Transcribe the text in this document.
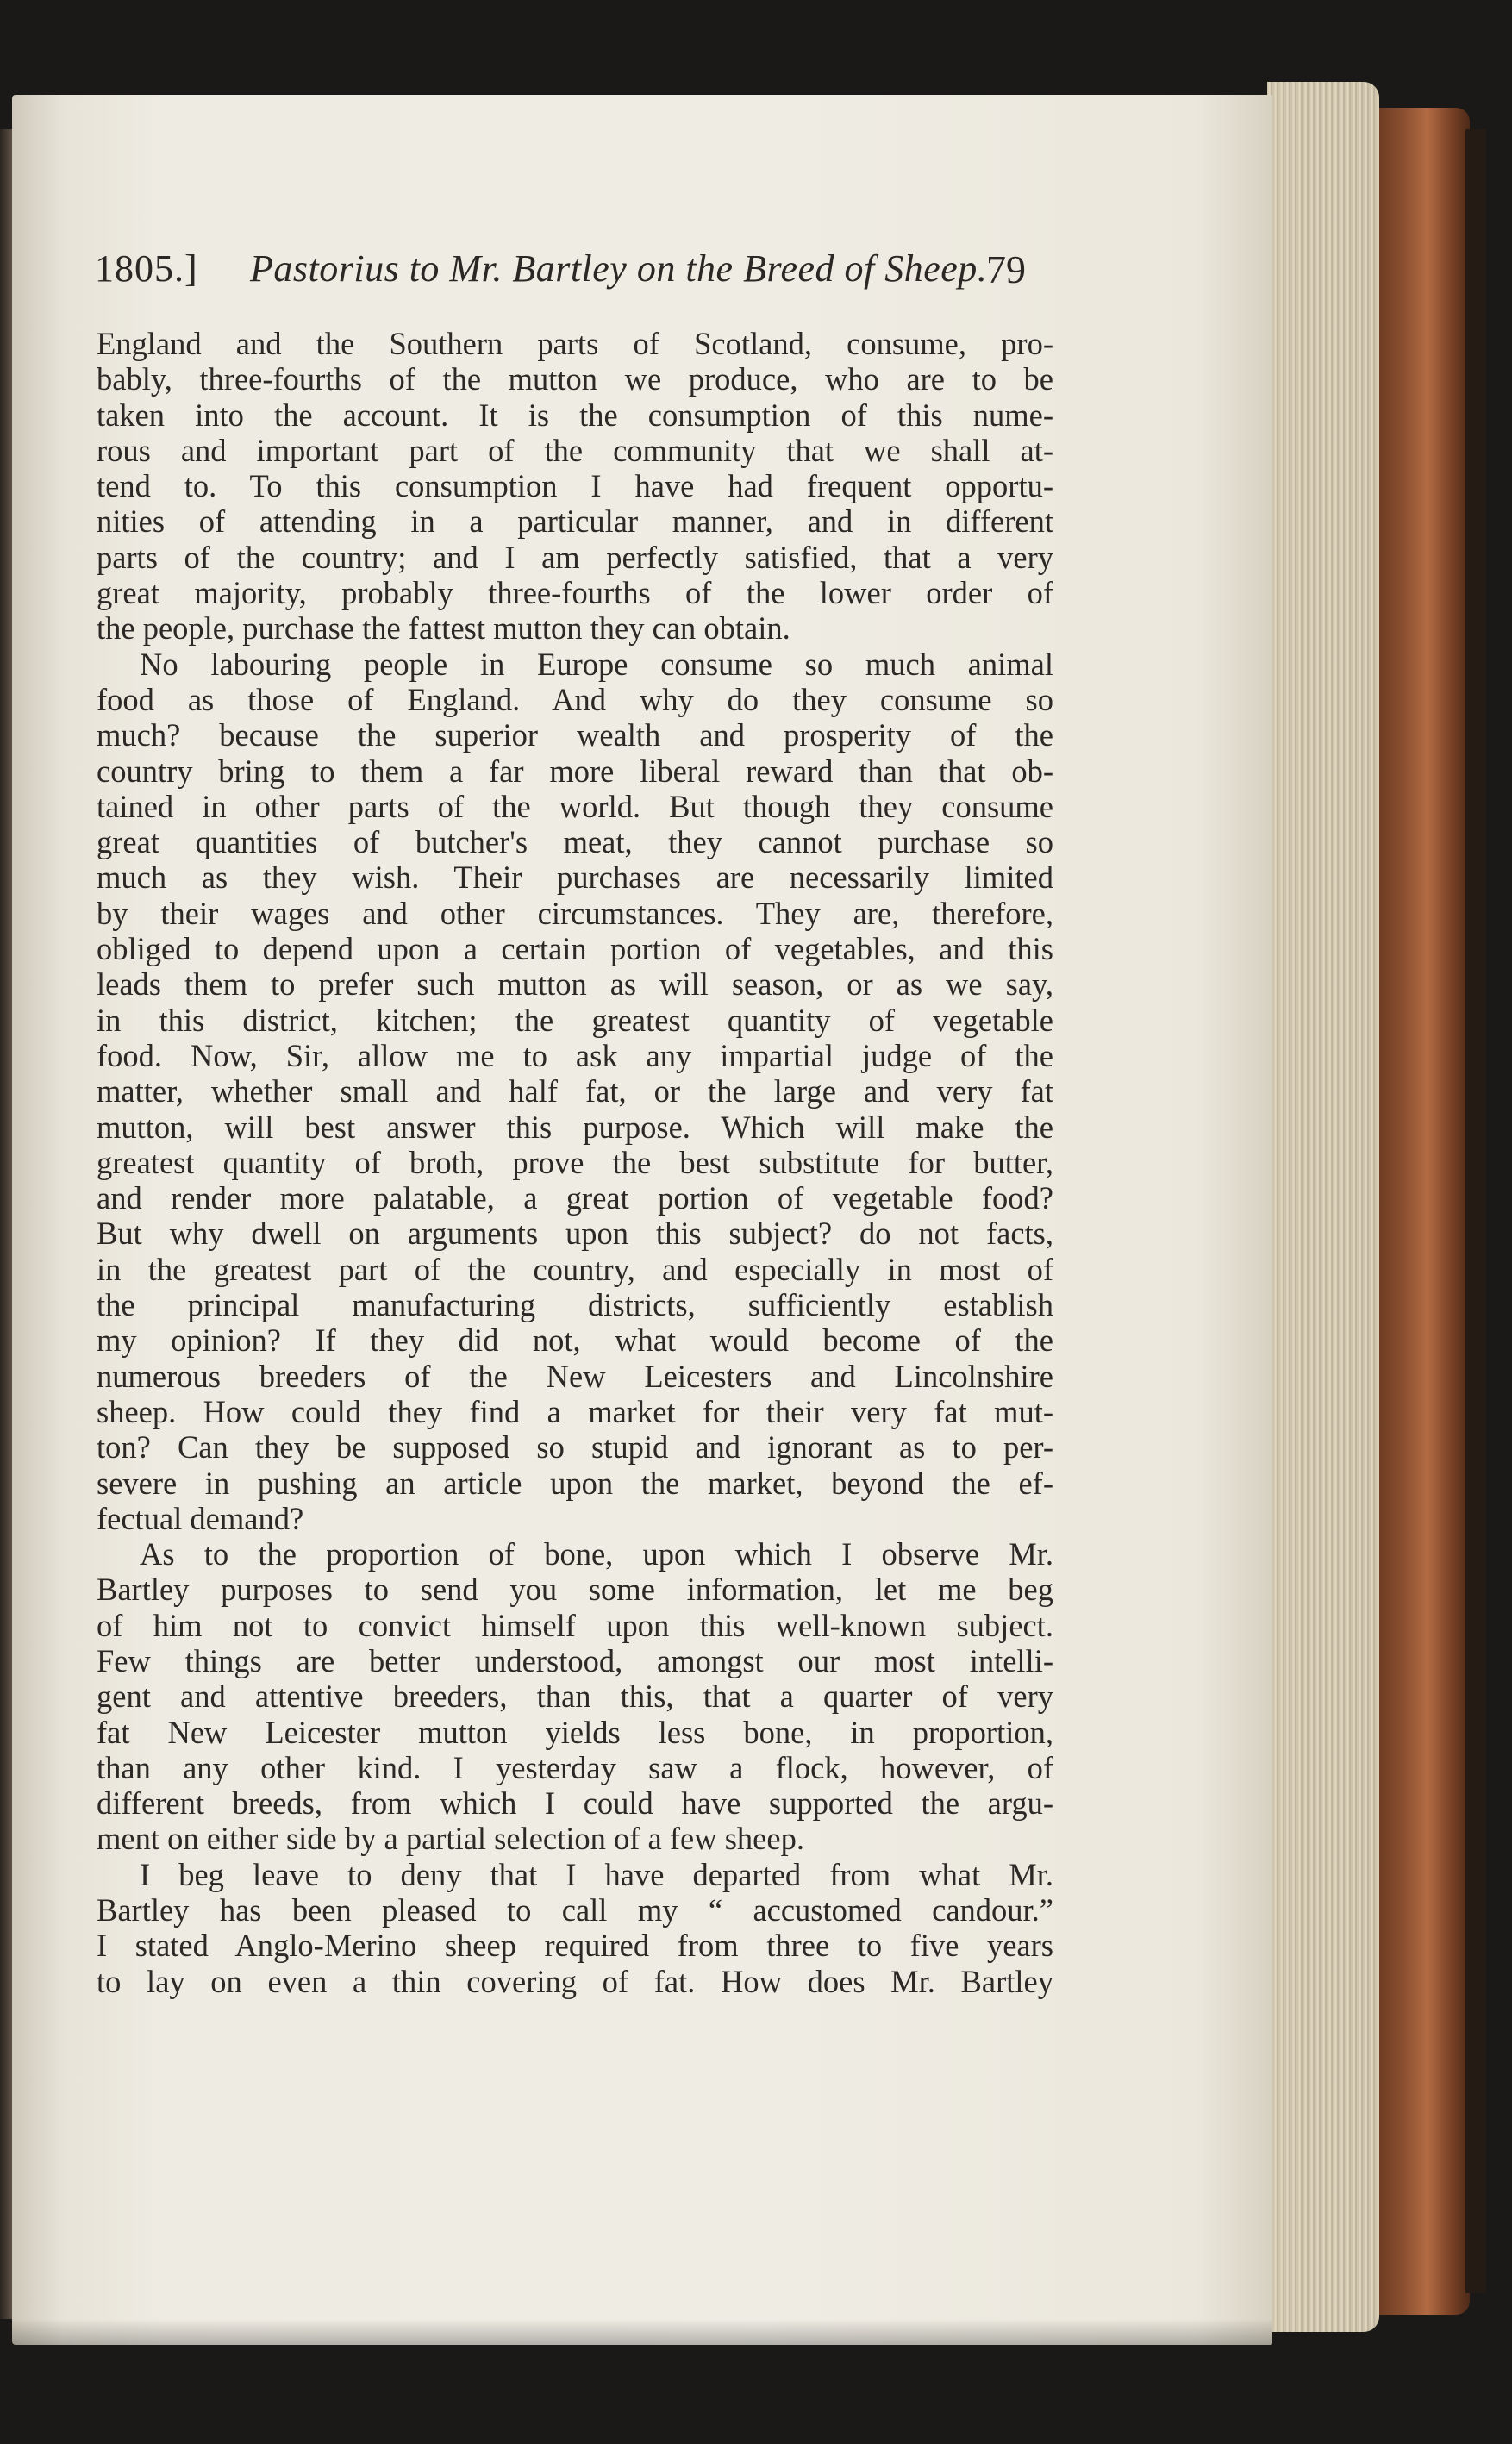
1805.] Pastorius to Mr. Bartley on the Breed of Sheep.
79
England and the Southern parts of Scotland, consume, pro-
bably, three-fourths of the mutton we produce, who are to be
taken into the account. It is the consumption of this nume-
rous and important part of the community that we shall at-
tend to. To this consumption I have had frequent opportu-
nities of attending in a particular manner, and in different
parts of the country; and I am perfectly satisfied, that a very
great majority, probably three-fourths of the lower order of
the people, purchase the fattest mutton they can obtain.
No labouring people in Europe consume so much animal
food as those of England. And why do they consume so
much? because the superior wealth and prosperity of the
country bring to them a far more liberal reward than that ob-
tained in other parts of the world. But though they consume
great quantities of butcher's meat, they cannot purchase so
much as they wish. Their purchases are necessarily limited
by their wages and other circumstances. They are, therefore,
obliged to depend upon a certain portion of vegetables, and this
leads them to prefer such mutton as will season, or as we say,
in this district, kitchen; the greatest quantity of vegetable
food. Now, Sir, allow me to ask any impartial judge of the
matter, whether small and half fat, or the large and very fat
mutton, will best answer this purpose. Which will make the
greatest quantity of broth, prove the best substitute for butter,
and render more palatable, a great portion of vegetable food?
But why dwell on arguments upon this subject? do not facts,
in the greatest part of the country, and especially in most of
the principal manufacturing districts, sufficiently establish
my opinion? If they did not, what would become of the
numerous breeders of the New Leicesters and Lincolnshire
sheep. How could they find a market for their very fat mut-
ton? Can they be supposed so stupid and ignorant as to per-
severe in pushing an article upon the market, beyond the ef-
fectual demand?
As to the proportion of bone, upon which I observe Mr.
Bartley purposes to send you some information, let me beg
of him not to convict himself upon this well-known subject.
Few things are better understood, amongst our most intelli-
gent and attentive breeders, than this, that a quarter of very
fat New Leicester mutton yields less bone, in proportion,
than any other kind. I yesterday saw a flock, however, of
different breeds, from which I could have supported the argu-
ment on either side by a partial selection of a few sheep.
I beg leave to deny that I have departed from what Mr.
Bartley has been pleased to call my “ accustomed candour.”
I stated Anglo-Merino sheep required from three to five years
to lay on even a thin covering of fat. How does Mr. Bartley
